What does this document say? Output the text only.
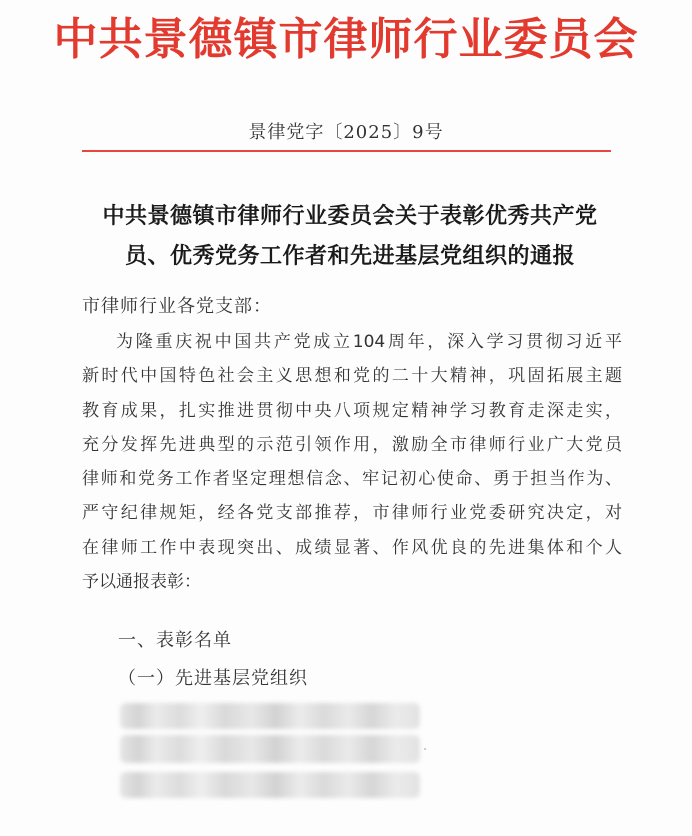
中共景德镇市律师行业委员会
景律党字〔2025〕9号
中共景德镇市律师行业委员会关于表彰优秀共产党
员、优秀党务工作者和先进基层党组织的通报
市律师行业各党支部：
为隆重庆祝中国共产党成立104周年，深入学习贯彻习近平
新时代中国特色社会主义思想和党的二十大精神，巩固拓展主题
教育成果，扎实推进贯彻中央八项规定精神学习教育走深走实，
充分发挥先进典型的示范引领作用，激励全市律师行业广大党员
律师和党务工作者坚定理想信念、牢记初心使命、勇于担当作为、
严守纪律规矩，经各党支部推荐，市律师行业党委研究决定，对
在律师工作中表现突出、成绩显著、作风优良的先进集体和个人
予以通报表彰：
一、表彰名单
（一）先进基层党组织
